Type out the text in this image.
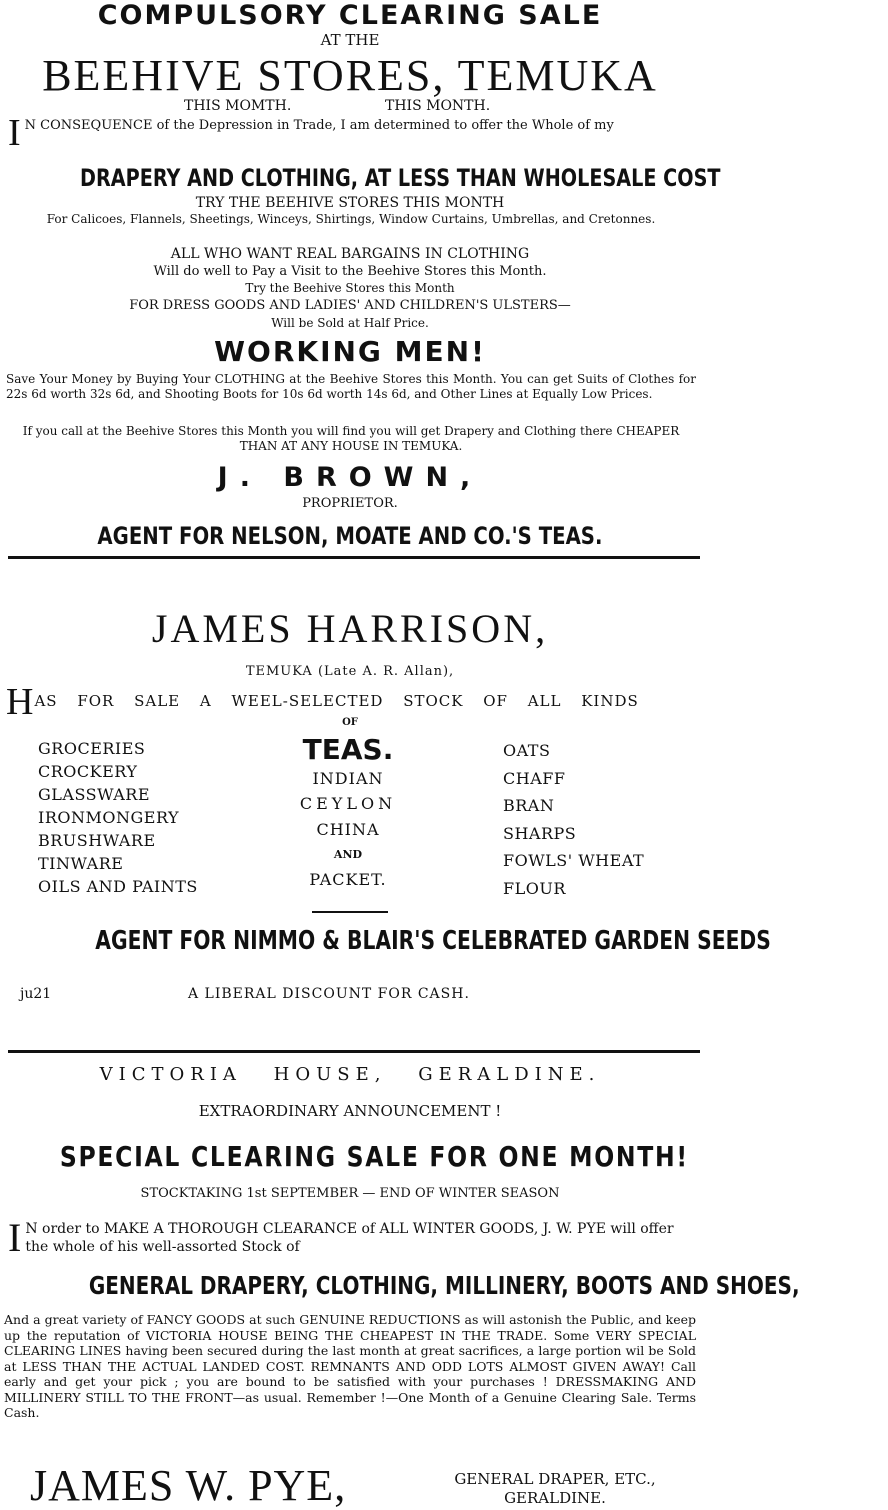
COMPULSORY CLEARING SALE
AT THE
BEEHIVE STORES, TEMUKA
THIS MOMTH.	THIS MONTH.
I N CONSEQUENCE of the Depression in Trade, I am determined to offer the Whole of my
DRAPERY AND CLOTHING, AT LESS THAN WHOLESALE COST
TRY THE BEEHIVE STORES THIS MONTH
For Calicoes, Flannels, Sheetings, Winceys, Shirtings, Window Curtains, Umbrellas, and Cretonnes.
ALL WHO WANT REAL BARGAINS IN CLOTHING
Will do well to Pay a Visit to the Beehive Stores this Month.
Try the Beehive Stores this Month
FOR DRESS GOODS AND LADIES' AND CHILDREN'S ULSTERS—
Will be Sold at Half Price.
WORKING MEN!
Save Your Money by Buying Your CLOTHING at the Beehive Stores this Month. You can get Suits of Clothes for 22s 6d worth 32s 6d, and Shooting Boots for 10s 6d worth 14s 6d, and Other Lines at Equally Low Prices.
If you call at the Beehive Stores this Month you will find you will get Drapery and Clothing there CHEAPER THAN AT ANY HOUSE IN TEMUKA.
J. BROWN,
PROPRIETOR.
AGENT FOR NELSON, MOATE AND CO.'S TEAS.
JAMES HARRISON,
TEMUKA (Late A. R. Allan),
HAS FOR SALE A WEEL-SELECTED STOCK OF ALL KINDS
OF
GROCERIES
CROCKERY
GLASSWARE
IRONMONGERY
BRUSHWARE
TINWARE
OILS AND PAINTS
TEAS.
INDIAN
CEYLON
CHINA
AND
PACKET.
OATS
CHAFF
BRAN
SHARPS
FOWLS' WHEAT
FLOUR
AGENT FOR NIMMO & BLAIR'S CELEBRATED GARDEN SEEDS
ju21	A LIBERAL DISCOUNT FOR CASH.
VICTORIA HOUSE, GERALDINE.
EXTRAORDINARY ANNOUNCEMENT !
SPECIAL CLEARING SALE FOR ONE MONTH!
STOCKTAKING 1st SEPTEMBER — END OF WINTER SEASON
I N order to MAKE A THOROUGH CLEARANCE of ALL WINTER GOODS, J. W. PYE will offer the whole of his well-assorted Stock of
GENERAL DRAPERY, CLOTHING, MILLINERY, BOOTS AND SHOES,
And a great variety of FANCY GOODS at such GENUINE REDUCTIONS as will astonish the Public, and keep up the reputation of VICTORIA HOUSE BEING THE CHEAPEST IN THE TRADE. Some VERY SPECIAL CLEARING LINES having been secured during the last month at great sacrifices, a large portion wil be Sold at LESS THAN THE ACTUAL LANDED COST. REMNANTS AND ODD LOTS ALMOST GIVEN AWAY! Call early and get your pick ; you are bound to be satisfied with your purchases ! DRESSMAKING AND MILLINERY STILL TO THE FRONT—as usual. Remember !—One Month of a Genuine Clearing Sale. Terms Cash.
JAMES W. PYE,	GENERAL DRAPER, ETC.,
GERALDINE.
